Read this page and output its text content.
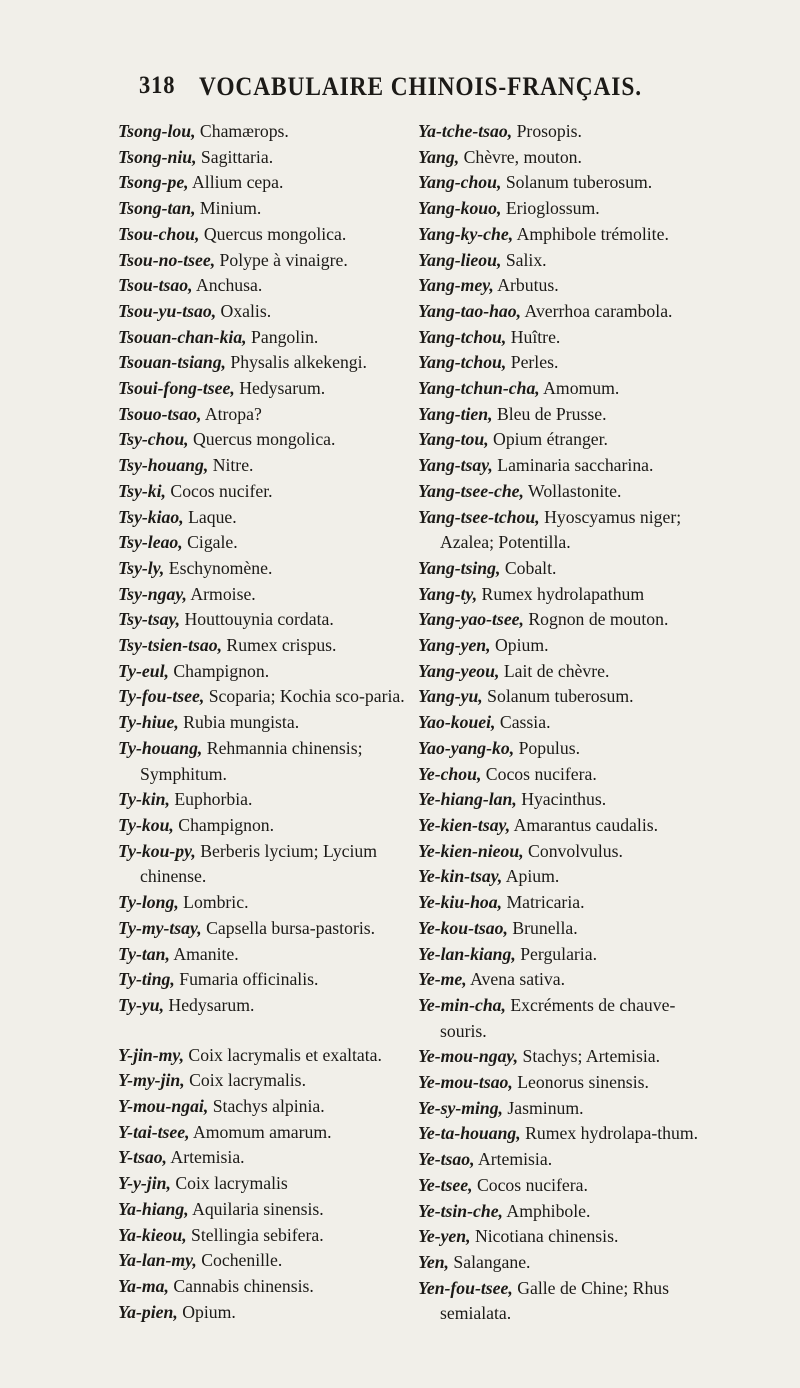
318 VOCABULAIRE CHINOIS-FRANÇAIS.
Tsong-lou, Chamærops.
Tsong-niu, Sagittaria.
Tsong-pe, Allium cepa.
Tsong-tan, Minium.
Tsou-chou, Quercus mongolica.
Tsou-no-tsee, Polype à vinaigre.
Tsou-tsao, Anchusa.
Tsou-yu-tsao, Oxalis.
Tsouan-chan-kia, Pangolin.
Tsouan-tsiang, Physalis alkekengi.
Tsoui-fong-tsee, Hedysarum.
Tsouo-tsao, Atropa?
Tsy-chou, Quercus mongolica.
Tsy-houang, Nitre.
Tsy-ki, Cocos nucifer.
Tsy-kiao, Laque.
Tsy-leao, Cigale.
Tsy-ly, Eschynomène.
Tsy-ngay, Armoise.
Tsy-tsay, Houttouynia cordata.
Tsy-tsien-tsao, Rumex crispus.
Ty-eul, Champignon.
Ty-fou-tsee, Scoparia; Kochia sco-paria.
Ty-hiue, Rubia mungista.
Ty-houang, Rehmannia chinensis; Symphitum.
Ty-kin, Euphorbia.
Ty-kou, Champignon.
Ty-kou-py, Berberis lycium; Lycium chinense.
Ty-long, Lombric.
Ty-my-tsay, Capsella bursa-pastoris.
Ty-tan, Amanite.
Ty-ting, Fumaria officinalis.
Ty-yu, Hedysarum.
Y-jin-my, Coix lacrymalis et exaltata.
Y-my-jin, Coix lacrymalis.
Y-mou-ngai, Stachys alpinia.
Y-tai-tsee, Amomum amarum.
Y-tsao, Artemisia.
Y-y-jin, Coix lacrymalis
Ya-hiang, Aquilaria sinensis.
Ya-kieou, Stellingia sebifera.
Ya-lan-my, Cochenille.
Ya-ma, Cannabis chinensis.
Ya-pien, Opium.
Ya-tche-tsao, Prosopis.
Yang, Chèvre, mouton.
Yang-chou, Solanum tuberosum.
Yang-kouo, Erioglossum.
Yang-ky-che, Amphibole trémolite.
Yang-lieou, Salix.
Yang-mey, Arbutus.
Yang-tao-hao, Averrhoa carambola.
Yang-tchou, Huître.
Yang-tchou, Perles.
Yang-tchun-cha, Amomum.
Yang-tien, Bleu de Prusse.
Yang-tou, Opium étranger.
Yang-tsay, Laminaria saccharina.
Yang-tsee-che, Wollastonite.
Yang-tsee-tchou, Hyoscyamus niger; Azalea; Potentilla.
Yang-tsing, Cobalt.
Yang-ty, Rumex hydrolapathum
Yang-yao-tsee, Rognon de mouton.
Yang-yen, Opium.
Yang-yeou, Lait de chèvre.
Yang-yu, Solanum tuberosum.
Yao-kouei, Cassia.
Yao-yang-ko, Populus.
Ye-chou, Cocos nucifera.
Ye-hiang-lan, Hyacinthus.
Ye-kien-tsay, Amarantus caudalis.
Ye-kien-nieou, Convolvulus.
Ye-kin-tsay, Apium.
Ye-kiu-hoa, Matricaria.
Ye-kou-tsao, Brunella.
Ye-lan-kiang, Pergularia.
Ye-me, Avena sativa.
Ye-min-cha, Excréments de chauve-souris.
Ye-mou-ngay, Stachys; Artemisia.
Ye-mou-tsao, Leonorus sinensis.
Ye-sy-ming, Jasminum.
Ye-ta-houang, Rumex hydrolapa-thum.
Ye-tsao, Artemisia.
Ye-tsee, Cocos nucifera.
Ye-tsin-che, Amphibole.
Ye-yen, Nicotiana chinensis.
Yen, Salangane.
Yen-fou-tsee, Galle de Chine; Rhus semialata.
